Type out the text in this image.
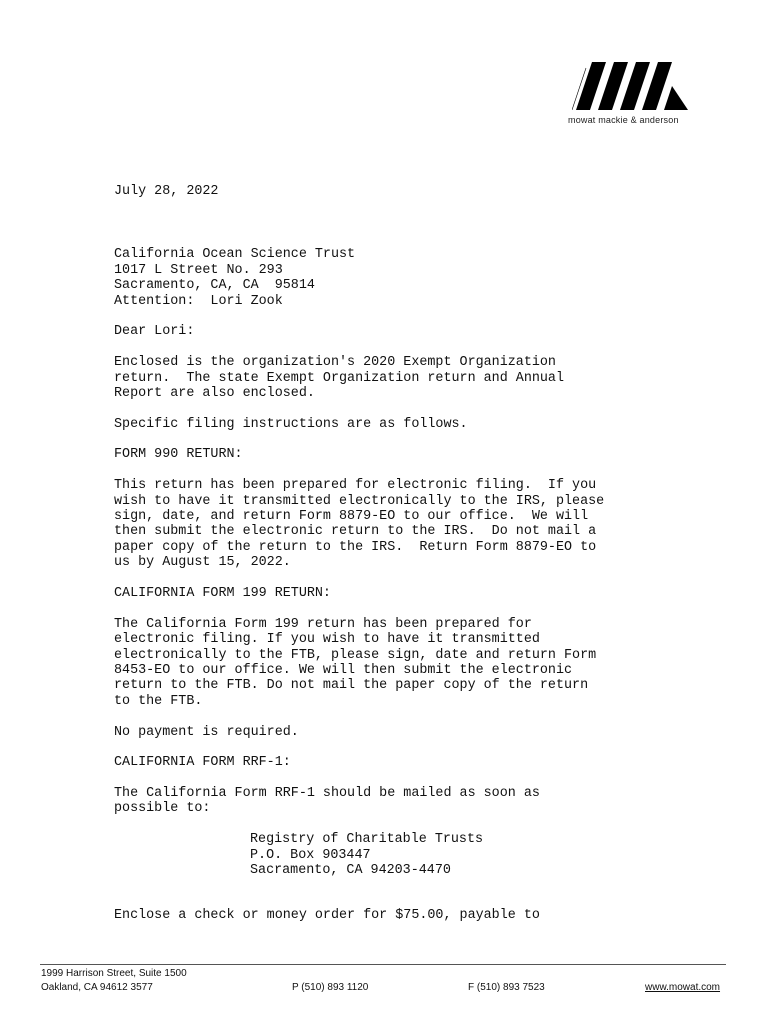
mowat mackie & anderson
July 28, 2022
California Ocean Science Trust
1017 L Street No. 293
Sacramento, CA, CA  95814
Attention:  Lori Zook
Dear Lori:
Enclosed is the organization's 2020 Exempt Organization
return.  The state Exempt Organization return and Annual
Report are also enclosed.
Specific filing instructions are as follows.
FORM 990 RETURN:
This return has been prepared for electronic filing.  If you
wish to have it transmitted electronically to the IRS, please
sign, date, and return Form 8879-EO to our office.  We will
then submit the electronic return to the IRS.  Do not mail a
paper copy of the return to the IRS.  Return Form 8879-EO to
us by August 15, 2022.
CALIFORNIA FORM 199 RETURN:
The California Form 199 return has been prepared for
electronic filing. If you wish to have it transmitted
electronically to the FTB, please sign, date and return Form
8453-EO to our office. We will then submit the electronic
return to the FTB. Do not mail the paper copy of the return
to the FTB.
No payment is required.
CALIFORNIA FORM RRF-1:
The California Form RRF-1 should be mailed as soon as
possible to:
Registry of Charitable Trusts
P.O. Box 903447
Sacramento, CA 94203-4470
Enclose a check or money order for $75.00, payable to
1999 Harrison Street, Suite 1500
Oakland, CA 94612 3577	P (510) 893 1120	F (510) 893 7523	www.mowat.com
